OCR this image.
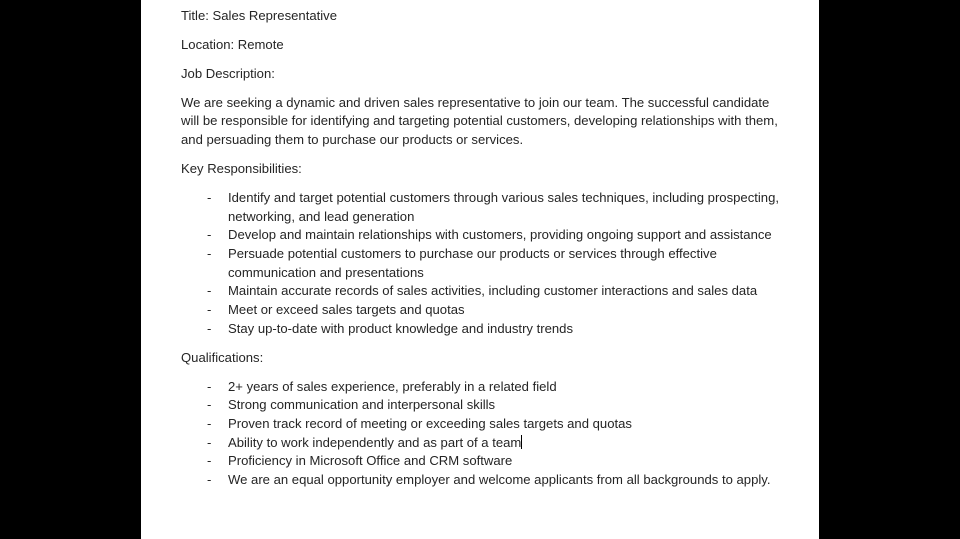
Title: Sales Representative

Location: Remote

Job Description:

We are seeking a dynamic and driven sales representative to join our team. The successful candidate will be responsible for identifying and targeting potential customers, developing relationships with them, and persuading them to purchase our products or services.

Key Responsibilities:

- Identify and target potential customers through various sales techniques, including prospecting, networking, and lead generation
- Develop and maintain relationships with customers, providing ongoing support and assistance
- Persuade potential customers to purchase our products or services through effective communication and presentations
- Maintain accurate records of sales activities, including customer interactions and sales data
- Meet or exceed sales targets and quotas
- Stay up-to-date with product knowledge and industry trends

Qualifications:

- 2+ years of sales experience, preferably in a related field
- Strong communication and interpersonal skills
- Proven track record of meeting or exceeding sales targets and quotas
- Ability to work independently and as part of a team
- Proficiency in Microsoft Office and CRM software
- We are an equal opportunity employer and welcome applicants from all backgrounds to apply.
